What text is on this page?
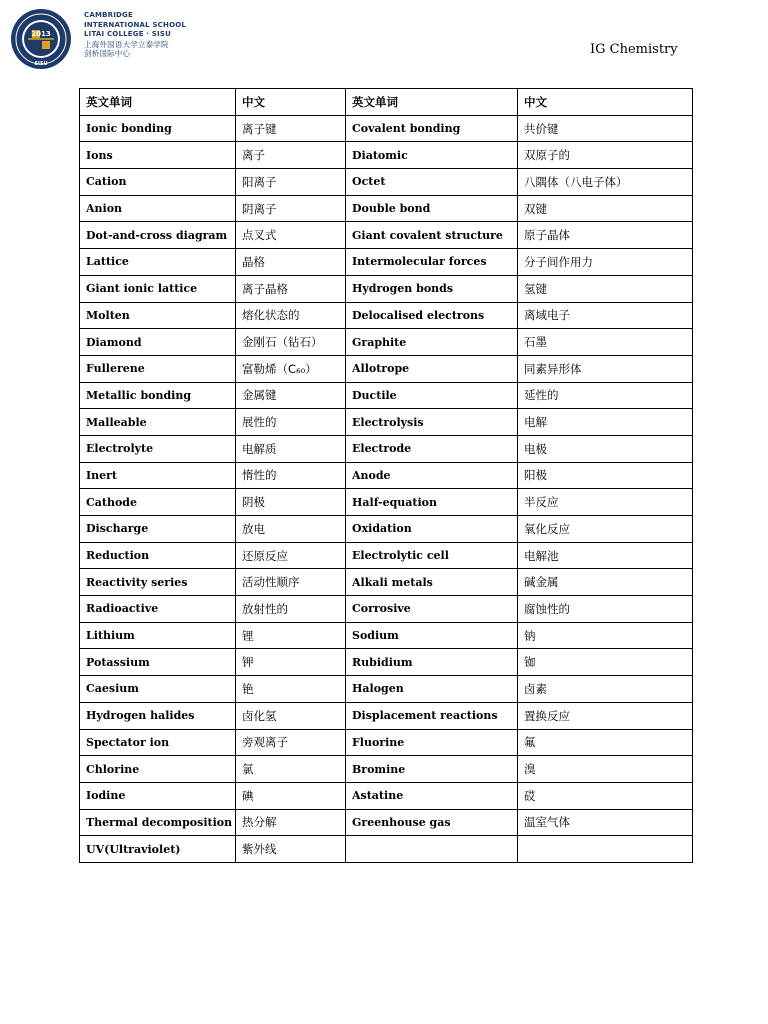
2013
SISU
CAMBRIDGE
INTERNATIONAL SCHOOL
LITAI COLLEGE · SISU
上海外国语大学立泰学院
剑桥国际中心	IG Chemistry
英文单词	中文	英文单词	中文
Ionic bonding	离子键	Covalent bonding	共价键
Ions	离子	Diatomic	双原子的
Cation	阳离子	Octet	八隅体（八电子体）
Anion	阴离子	Double bond	双键
Dot-and-cross diagram	点叉式	Giant covalent structure	原子晶体
Lattice	晶格	Intermolecular forces	分子间作用力
Giant ionic lattice	离子晶格	Hydrogen bonds	氢键
Molten	熔化状态的	Delocalised electrons	离域电子
Diamond	金刚石（钻石）	Graphite	石墨
Fullerene	富勒烯（C₆₀）	Allotrope	同素异形体
Metallic bonding	金属键	Ductile	延性的
Malleable	展性的	Electrolysis	电解
Electrolyte	电解质	Electrode	电极
Inert	惰性的	Anode	阳极
Cathode	阴极	Half-equation	半反应
Discharge	放电	Oxidation	氧化反应
Reduction	还原反应	Electrolytic cell	电解池
Reactivity series	活动性顺序	Alkali metals	碱金属
Radioactive	放射性的	Corrosive	腐蚀性的
Lithium	锂	Sodium	钠
Potassium	钾	Rubidium	铷
Caesium	铯	Halogen	卤素
Hydrogen halides	卤化氢	Displacement reactions	置换反应
Spectator ion	旁观离子	Fluorine	氟
Chlorine	氯	Bromine	溴
Iodine	碘	Astatine	砹
Thermal decomposition	热分解	Greenhouse gas	温室气体
UV(Ultraviolet)	紫外线		
